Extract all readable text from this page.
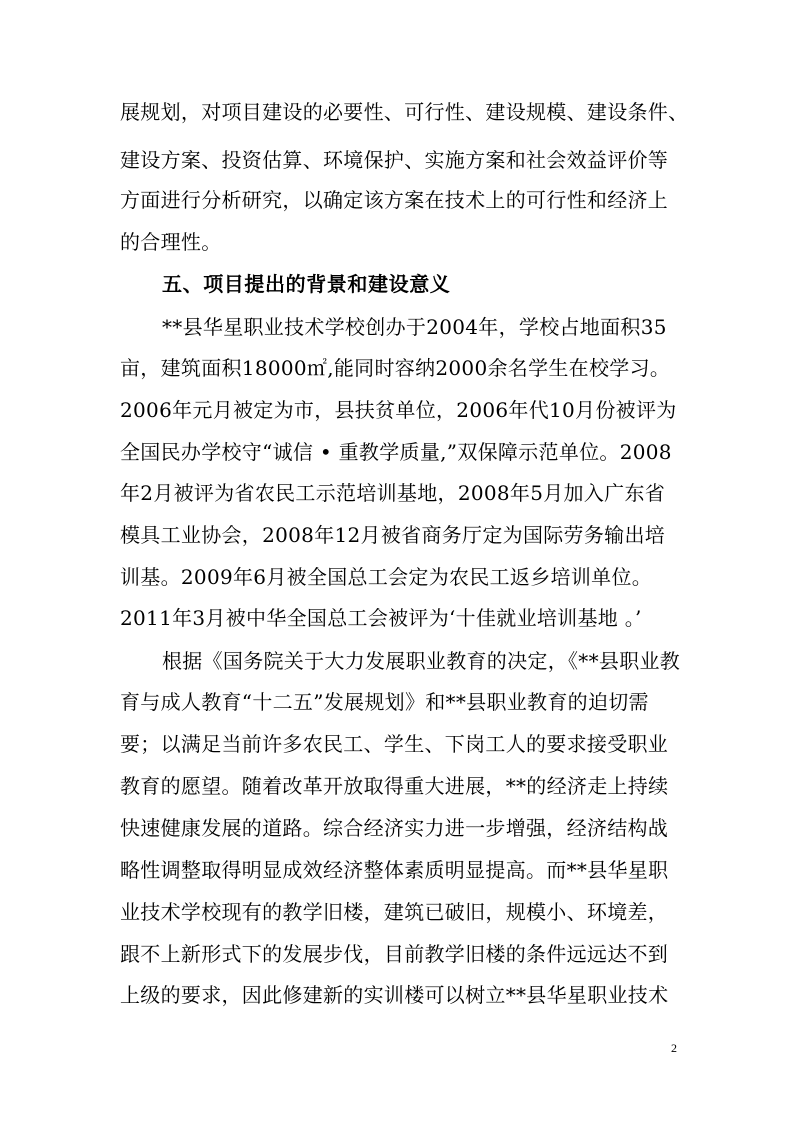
展规划，对项目建设的必要性、可行性、建设规模、建设条件、
建设方案、投资估算、环境保护、实施方案和社会效益评价等
方面进行分析研究，以确定该方案在技术上的可行性和经济上
的合理性。
五、项目提出的背景和建设意义
**县华星职业技术学校创办于2004年，学校占地面积35
亩，建筑面积18000㎡,能同时容纳2000余名学生在校学习。
2006年元月被定为市，县扶贫单位，2006年代10月份被评为
全国民办学校守“诚信 • 重教学质量,”双保障示范单位。2008
年2月被评为省农民工示范培训基地，2008年5月加入广东省
模具工业协会，2008年12月被省商务厅定为国际劳务输出培
训基。2009年6月被全国总工会定为农民工返乡培训单位。
2011年3月被中华全国总工会被评为‘十佳就业培训基地 。’
根据《国务院关于大力发展职业教育的决定，《**县职业教
育与成人教育“十二五”发展规划》和**县职业教育的迫切需
要；以满足当前许多农民工、学生、下岗工人的要求接受职业
教育的愿望。随着改革开放取得重大进展，**的经济走上持续
快速健康发展的道路。综合经济实力进一步增强，经济结构战
略性调整取得明显成效经济整体素质明显提高。而**县华星职
业技术学校现有的教学旧楼，建筑已破旧，规模小、环境差，
跟不上新形式下的发展步伐，目前教学旧楼的条件远远达不到
上级的要求，因此修建新的实训楼可以树立**县华星职业技术
2
